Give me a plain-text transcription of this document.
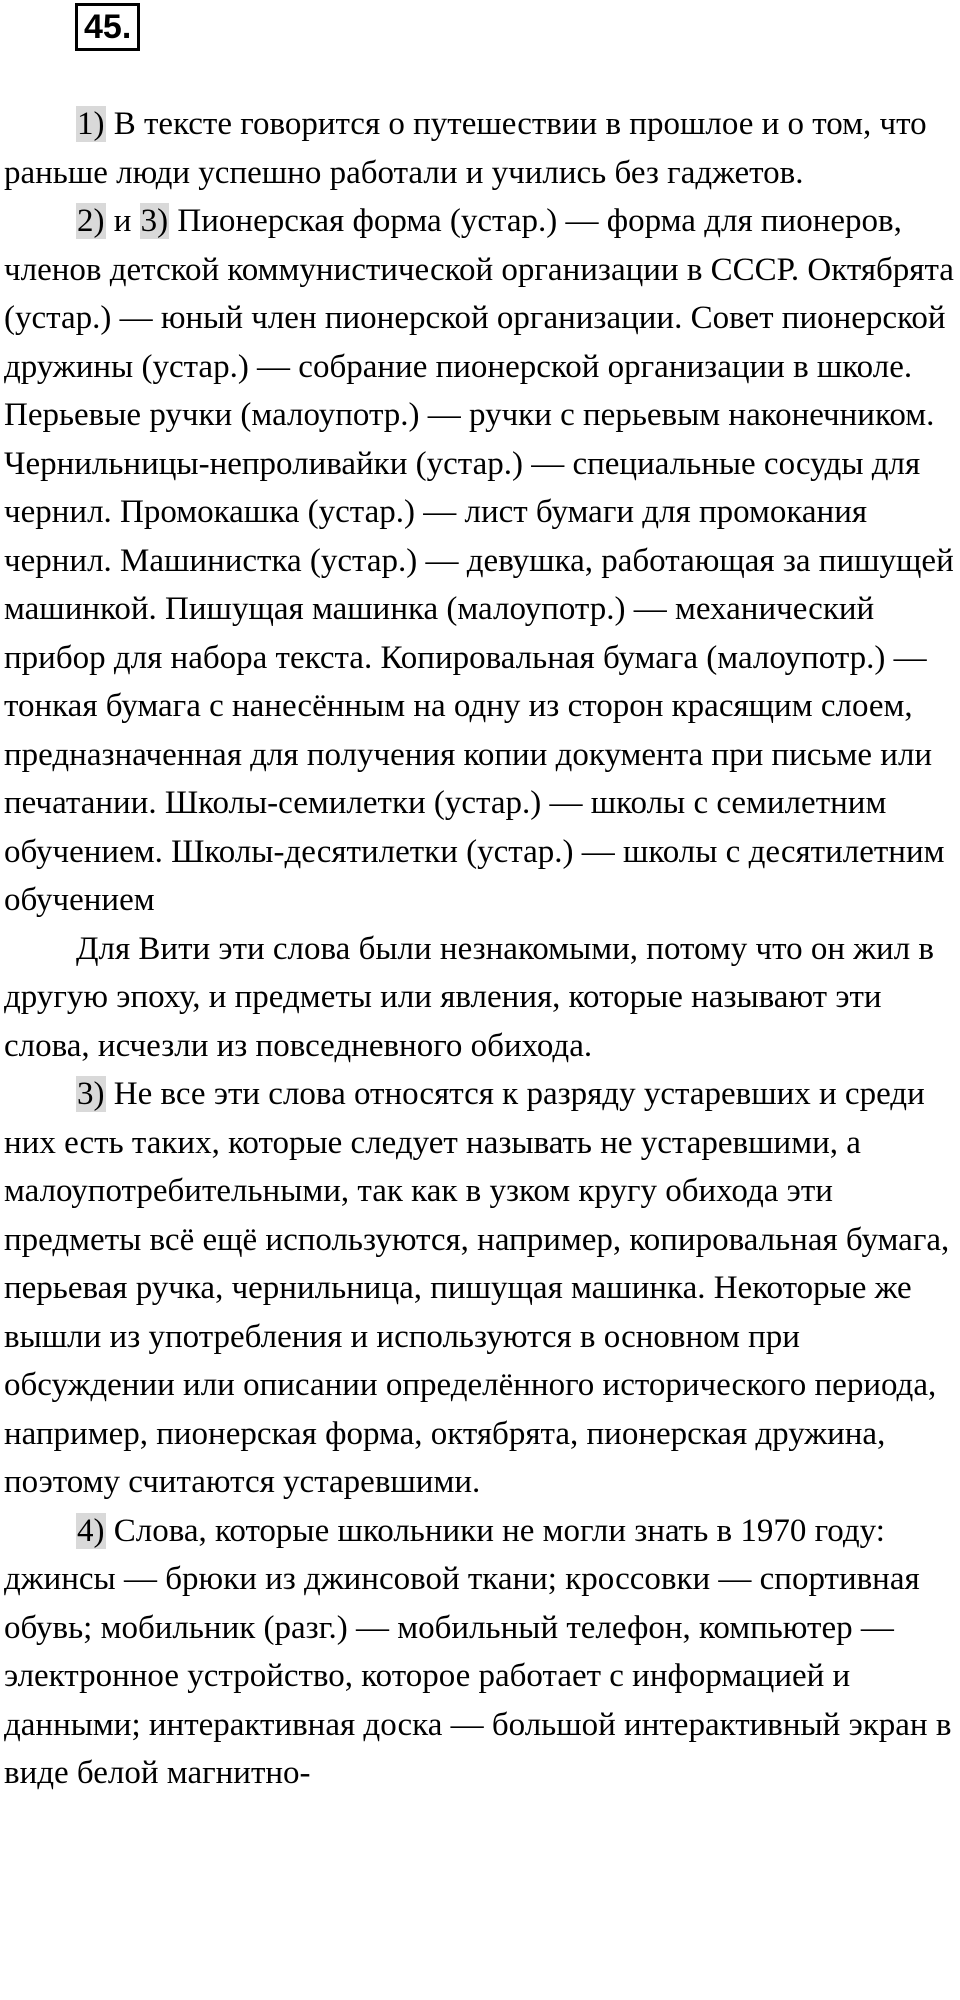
45.

1) В тексте говорится о путешествии в прошлое и о том, что раньше люди успешно работали и учились без гаджетов.

2) и 3) Пионерская форма (устар.) — форма для пионеров, членов детской коммунистической организации в СССР. Октябрята (устар.) — юный член пионерской организации. Совет пионерской дружины (устар.) — собрание пионерской организации в школе. Перьевые ручки (малоупотр.) — ручки с перьевым наконечником. Чернильницы-непроливайки (устар.) — специальные сосуды для чернил. Промокашка (устар.) — лист бумаги для промокания чернил. Машинистка (устар.) — девушка, работающая за пишущей машинкой. Пишущая машинка (малоупотр.) — механический прибор для набора текста. Копировальная бумага (малоупотр.) — тонкая бумага с нанесённым на одну из сторон красящим слоем, предназначенная для получения копии документа при письме или печатании. Школы-семилетки (устар.) — школы с семилетним обучением. Школы-десятилетки (устар.) — школы с десятилетним обучением

Для Вити эти слова были незнакомыми, потому что он жил в другую эпоху, и предметы или явления, которые называют эти слова, исчезли из повседневного обихода.

3) Не все эти слова относятся к разряду устаревших и среди них есть таких, которые следует называть не устаревшими, а малоупотребительными, так как в узком кругу обихода эти предметы всё ещё используются, например, копировальная бумага, перьевая ручка, чернильница, пишущая машинка. Некоторые же вышли из употребления и используются в основном при обсуждении или описании определённого исторического периода, например, пионерская форма, октябрята, пионерская дружина, поэтому считаются устаревшими.

4) Слова, которые школьники не могли знать в 1970 году: джинсы — брюки из джинсовой ткани; кроссовки — спортивная обувь; мобильник (разг.) — мобильный телефон, компьютер — электронное устройство, которое работает с информацией и данными; интерактивная доска — большой интерактивный экран в виде белой магнитно-
